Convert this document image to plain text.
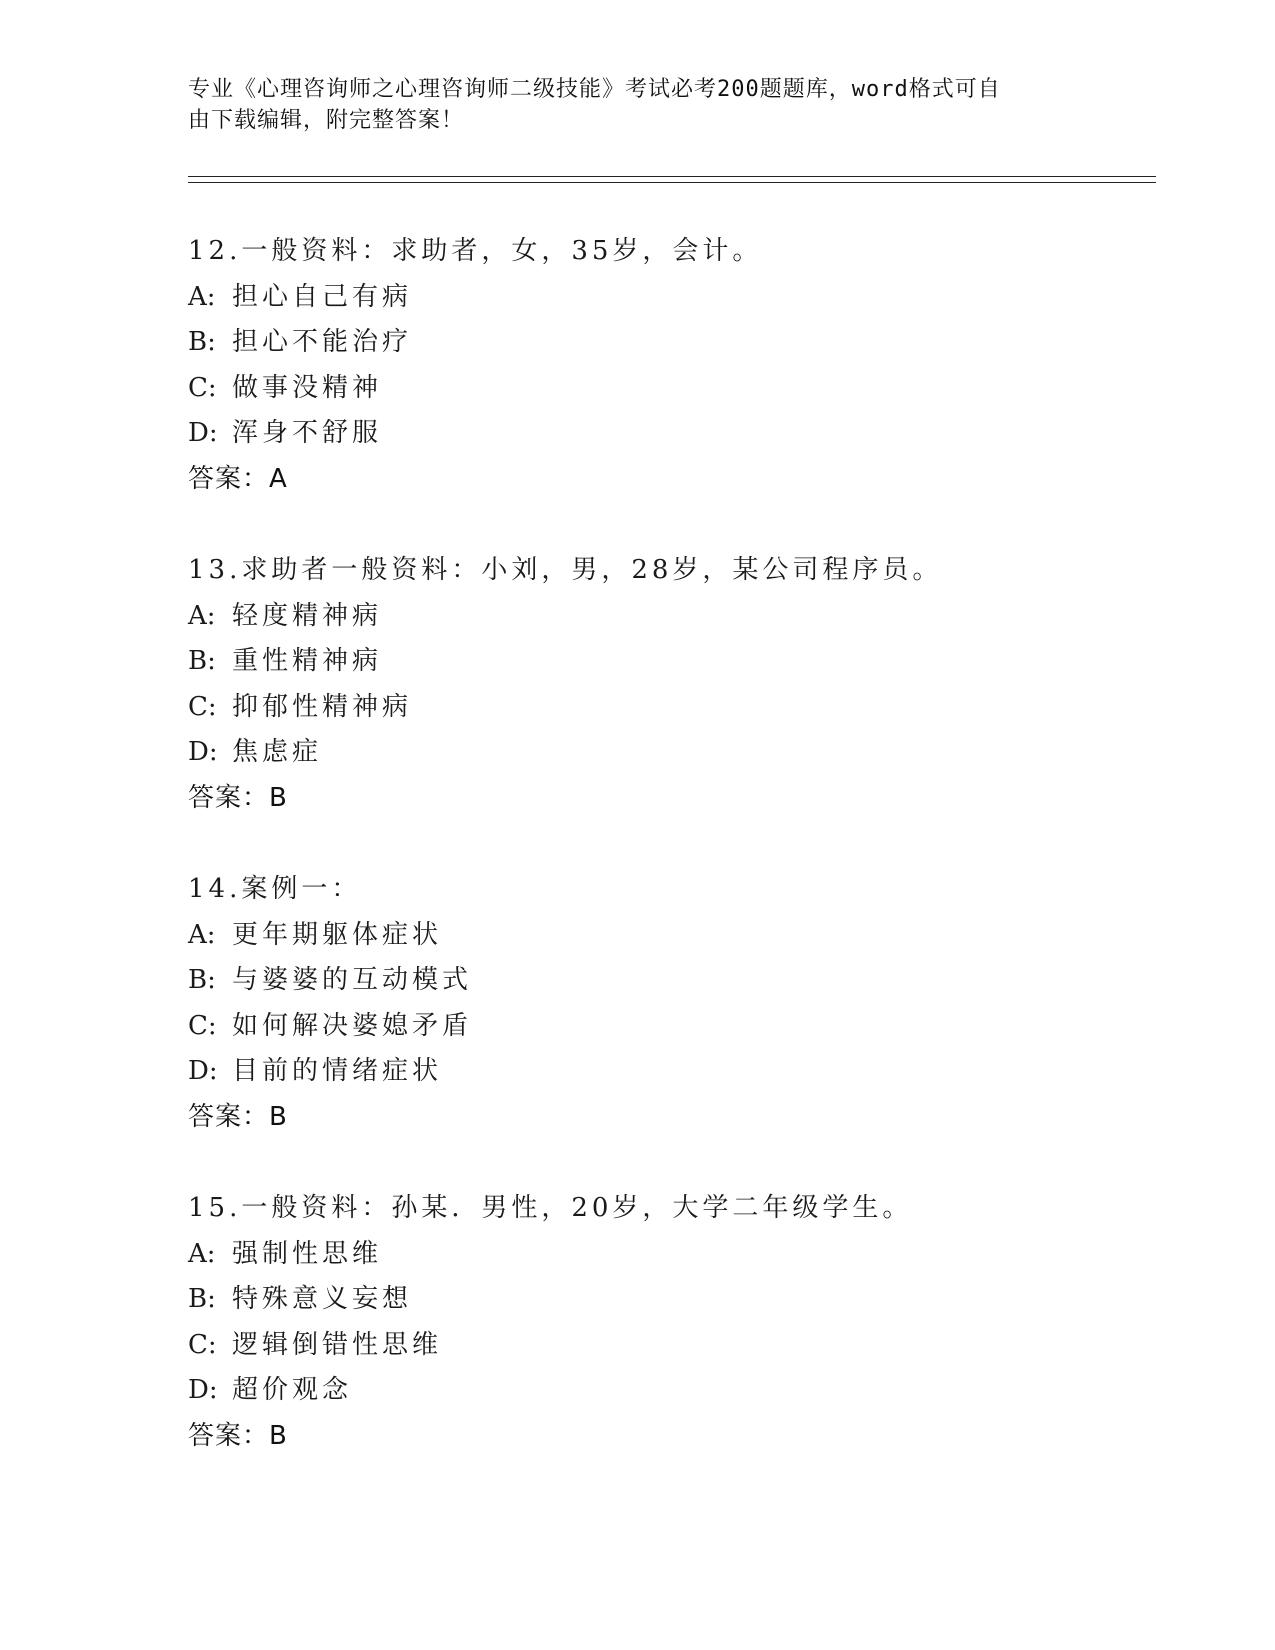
专业《心理咨询师之心理咨询师二级技能》考试必考200题题库，word格式可自
由下载编辑，附完整答案！
12.一般资料：求助者，女，35岁，会计。
A: 担心自己有病
B: 担心不能治疗
C: 做事没精神
D: 浑身不舒服
答案：A
13.求助者一般资料：小刘，男，28岁，某公司程序员。
A: 轻度精神病
B: 重性精神病
C: 抑郁性精神病
D: 焦虑症
答案：B
14.案例一：
A: 更年期躯体症状
B: 与婆婆的互动模式
C: 如何解决婆媳矛盾
D: 目前的情绪症状
答案：B
15.一般资料：孙某．男性，20岁，大学二年级学生。
A: 强制性思维
B: 特殊意义妄想
C: 逻辑倒错性思维
D: 超价观念
答案：B
